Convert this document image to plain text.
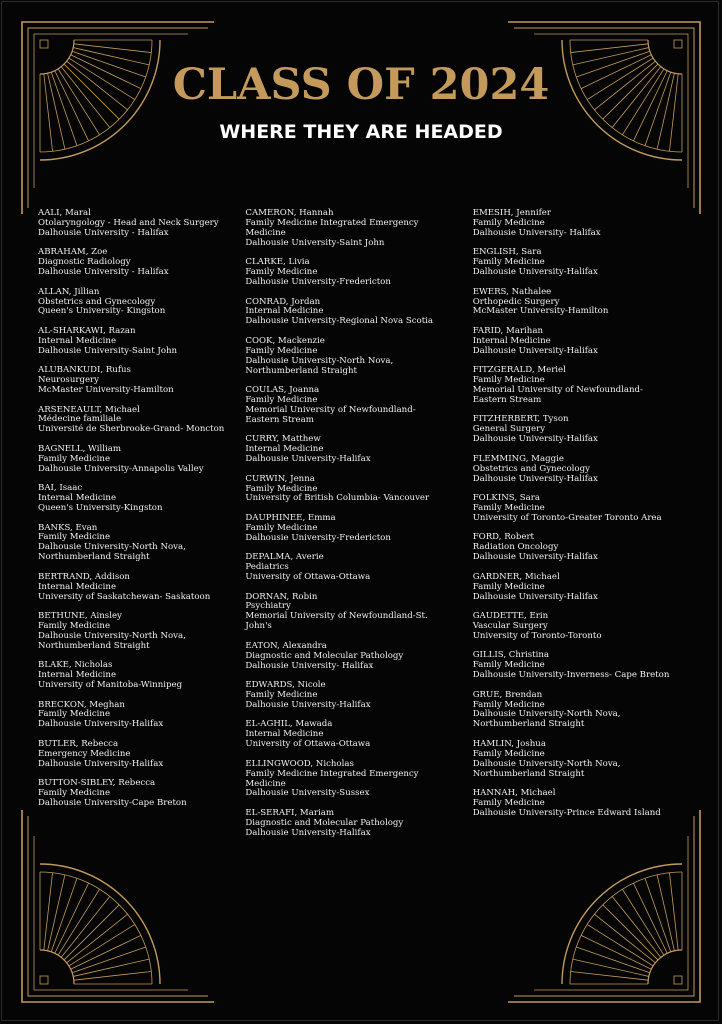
CLASS OF 2024
WHERE THEY ARE HEADED
AALI, Maral
Otolaryngology - Head and Neck Surgery
Dalhousie University - Halifax
ABRAHAM, Zoe
Diagnostic Radiology
Dalhousie University - Halifax
ALLAN, Jillian
Obstetrics and Gynecology
Queen's University- Kingston
AL-SHARKAWI, Razan
Internal Medicine
Dalhousie University-Saint John
ALUBANKUDI, Rufus
Neurosurgery
McMaster University-Hamilton
ARSENEAULT, Michael
Médecine familiale
Université de Sherbrooke-Grand- Moncton
BAGNELL, William
Family Medicine
Dalhousie University-Annapolis Valley
BAI, Isaac
Internal Medicine
Queen's University-Kingston
BANKS, Evan
Family Medicine
Dalhousie University-North Nova,
Northumberland Straight
BERTRAND, Addison
Internal Medicine
University of Saskatchewan- Saskatoon
BETHUNE, Ainsley
Family Medicine
Dalhousie University-North Nova,
Northumberland Straight
BLAKE, Nicholas
Internal Medicine
University of Manitoba-Winnipeg
BRECKON, Meghan
Family Medicine
Dalhousie University-Halifax
BUTLER, Rebecca
Emergency Medicine
Dalhousie University-Halifax
BUTTON-SIBLEY, Rebecca
Family Medicine
Dalhousie University-Cape Breton
CAMERON, Hannah
Family Medicine Integrated Emergency
Medicine
Dalhousie University-Saint John
CLARKE, Livia
Family Medicine
Dalhousie University-Fredericton
CONRAD, Jordan
Internal Medicine
Dalhousie University-Regional Nova Scotia
COOK, Mackenzie
Family Medicine
Dalhousie University-North Nova,
Northumberland Straight
COULAS, Joanna
Family Medicine
Memorial University of Newfoundland-
Eastern Stream
CURRY, Matthew
Internal Medicine
Dalhousie University-Halifax
CURWIN, Jenna
Family Medicine
University of British Columbia- Vancouver
DAUPHINEE, Emma
Family Medicine
Dalhousie University-Fredericton
DEPALMA, Averie
Pediatrics
University of Ottawa-Ottawa
DORNAN, Robin
Psychiatry
Memorial University of Newfoundland-St.
John's
EATON, Alexandra
Diagnostic and Molecular Pathology
Dalhousie University- Halifax
EDWARDS, Nicole
Family Medicine
Dalhousie University-Halifax
EL-AGHIL, Mawada
Internal Medicine
University of Ottawa-Ottawa
ELLINGWOOD, Nicholas
Family Medicine Integrated Emergency
Medicine
Dalhousie University-Sussex
EL-SERAFI, Mariam
Diagnostic and Molecular Pathology
Dalhousie University-Halifax
EMESIH, Jennifer
Family Medicine
Dalhousie University- Halifax
ENGLISH, Sara
Family Medicine
Dalhousie University-Halifax
EWERS, Nathalee
Orthopedic Surgery
McMaster University-Hamilton
FARID, Marihan
Internal Medicine
Dalhousie University-Halifax
FITZGERALD, Meriel
Family Medicine
Memorial University of Newfoundland-
Eastern Stream
FITZHERBERT, Tyson
General Surgery
Dalhousie University-Halifax
FLEMMING, Maggie
Obstetrics and Gynecology
Dalhousie University-Halifax
FOLKINS, Sara
Family Medicine
University of Toronto-Greater Toronto Area
FORD, Robert
Radiation Oncology
Dalhousie University-Halifax
GARDNER, Michael
Family Medicine
Dalhousie University-Halifax
GAUDETTE, Erin
Vascular Surgery
University of Toronto-Toronto
GILLIS, Christina
Family Medicine
Dalhousie University-Inverness- Cape Breton
GRUE, Brendan
Family Medicine
Dalhousie University-North Nova,
Northumberland Straight
HAMLIN, Joshua
Family Medicine
Dalhousie University-North Nova,
Northumberland Straight
HANNAH, Michael
Family Medicine
Dalhousie University-Prince Edward Island
